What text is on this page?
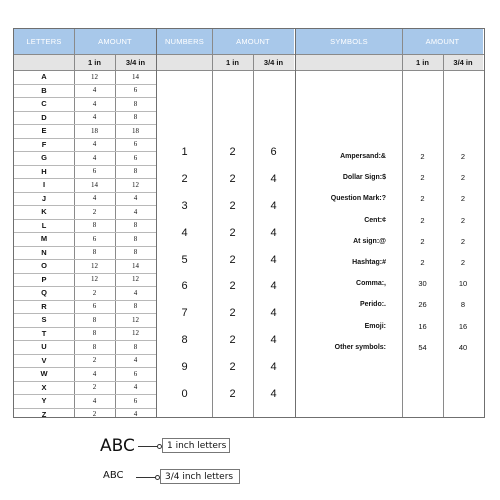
LETTERS	AMOUNT
1 in	3/4 in
A	12	14
B	4	6
C	4	8
D	4	8
E	18	18
F	4	6
G	4	6
H	6	8
I	14	12
J	4	4
K	2	4
L	8	8
M	6	8
N	8	8
O	12	14
P	12	12
Q	2	4
R	6	8
S	8	12
T	8	12
U	8	8
V	2	4
W	4	6
X	2	4
Y	4	6
Z	2	4
NUMBERS	AMOUNT
1 in	3/4 in
1	2	6
2	2	4
3	2	4
4	2	4
5	2	4
6	2	4
7	2	4
8	2	4
9	2	4
0	2	4
SYMBOLS	AMOUNT
1 in	3/4 in
Ampersand:&	2	2
Dollar Sign:$	2	2
Question Mark:?	2	2
Cent:¢	2	2
At sign:@	2	2
Hashtag:#	2	2
Comma:,	30	10
Perido:.	26	8
Emoji:	16	16
Other symbols:	54	40
ABC	1 inch letters
ABC	3/4 inch letters
